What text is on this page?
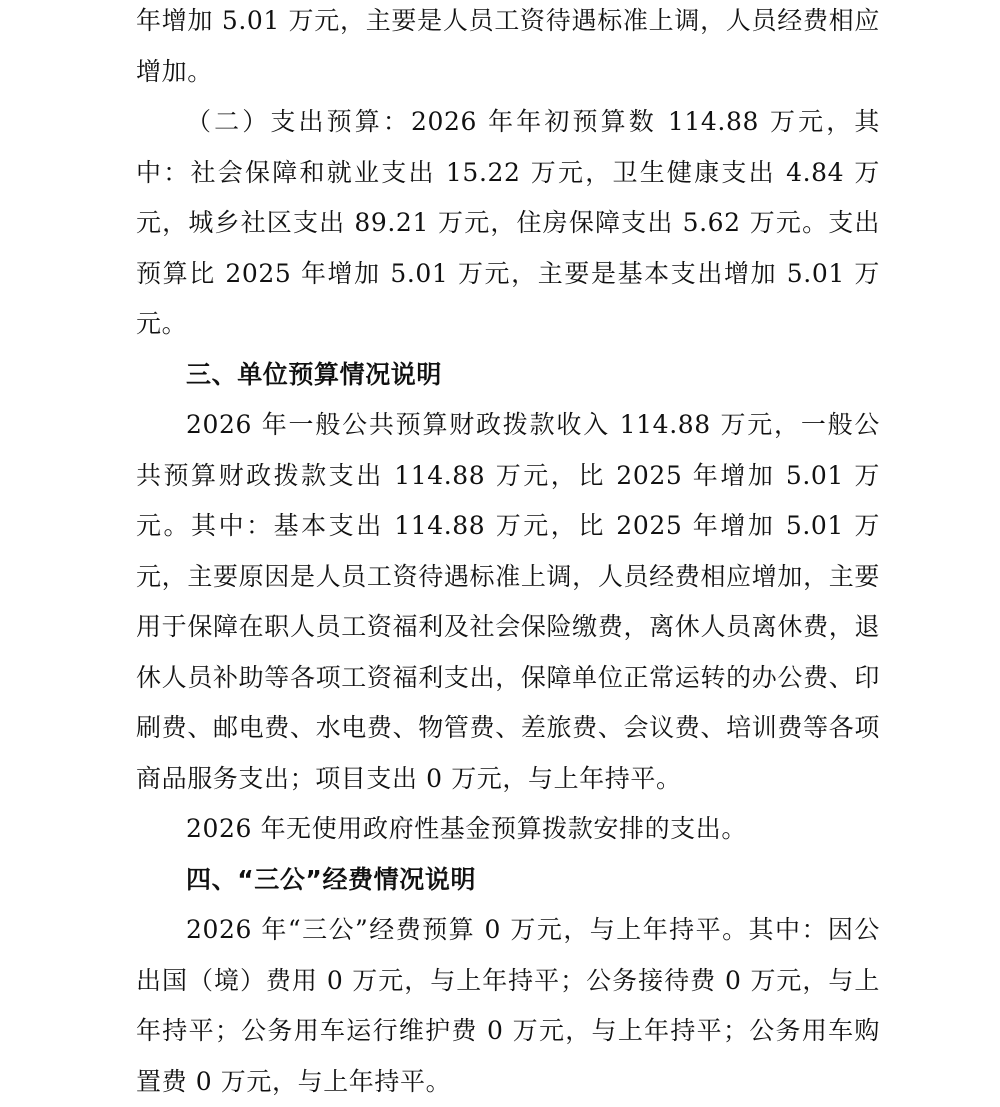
年增加 5.01 万元，主要是人员工资待遇标准上调，人员经费相应增加。

（二）支出预算：2026 年年初预算数 114.88 万元，其中：社会保障和就业支出 15.22 万元，卫生健康支出 4.84 万元，城乡社区支出 89.21 万元，住房保障支出 5.62 万元。支出预算比 2025 年增加 5.01 万元，主要是基本支出增加 5.01 万元。

三、单位预算情况说明

2026 年一般公共预算财政拨款收入 114.88 万元，一般公共预算财政拨款支出 114.88 万元，比 2025 年增加 5.01 万元。其中：基本支出 114.88 万元，比 2025 年增加 5.01 万元，主要原因是人员工资待遇标准上调，人员经费相应增加，主要用于保障在职人员工资福利及社会保险缴费，离休人员离休费，退休人员补助等各项工资福利支出，保障单位正常运转的办公费、印刷费、邮电费、水电费、物管费、差旅费、会议费、培训费等各项商品服务支出；项目支出 0 万元，与上年持平。

2026 年无使用政府性基金预算拨款安排的支出。

四、“三公”经费情况说明

2026 年“三公”经费预算 0 万元，与上年持平。其中：因公出国（境）费用 0 万元，与上年持平；公务接待费 0 万元，与上年持平；公务用车运行维护费 0 万元，与上年持平；公务用车购置费 0 万元，与上年持平。
